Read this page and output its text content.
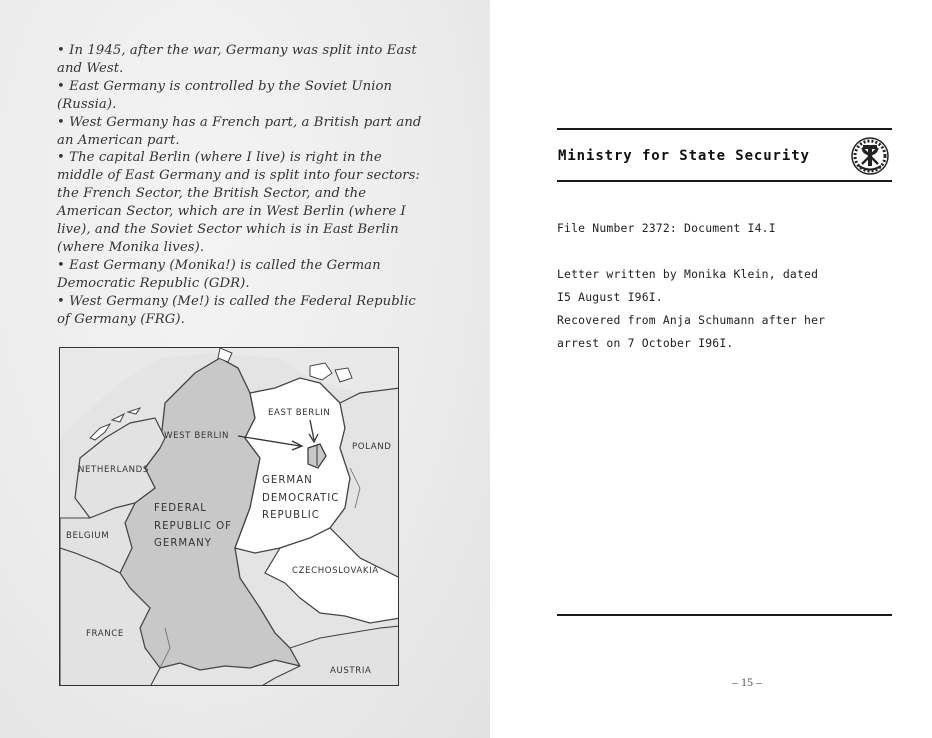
• In 1945, after the war, Germany was split into East and West.
• East Germany is controlled by the Soviet Union (Russia).
• West Germany has a French part, a British part and an American part.
• The capital Berlin (where I live) is right in the middle of East Germany and is split into four sectors: the French Sector, the British Sector, and the American Sector, which are in West Berlin (where I live), and the Soviet Sector which is in East Berlin (where Monika lives).
• East Germany (Monika!) is called the German Democratic Republic (GDR).
• West Germany (Me!) is called the Federal Republic of Germany (FRG).
EAST BERLIN
WEST BERLIN
POLAND
NETHERLANDS
GERMAN DEMOCRATIC REPUBLIC
FEDERAL REPUBLIC OF GERMANY
BELGIUM
CZECHOSLOVAKIA
FRANCE
AUSTRIA
Ministry for State Security
File Number 2372: Document I4.I
Letter written by Monika Klein, dated
I5 August I96I.
Recovered from Anja Schumann after her
arrest on 7 October I96I.
– 15 –
